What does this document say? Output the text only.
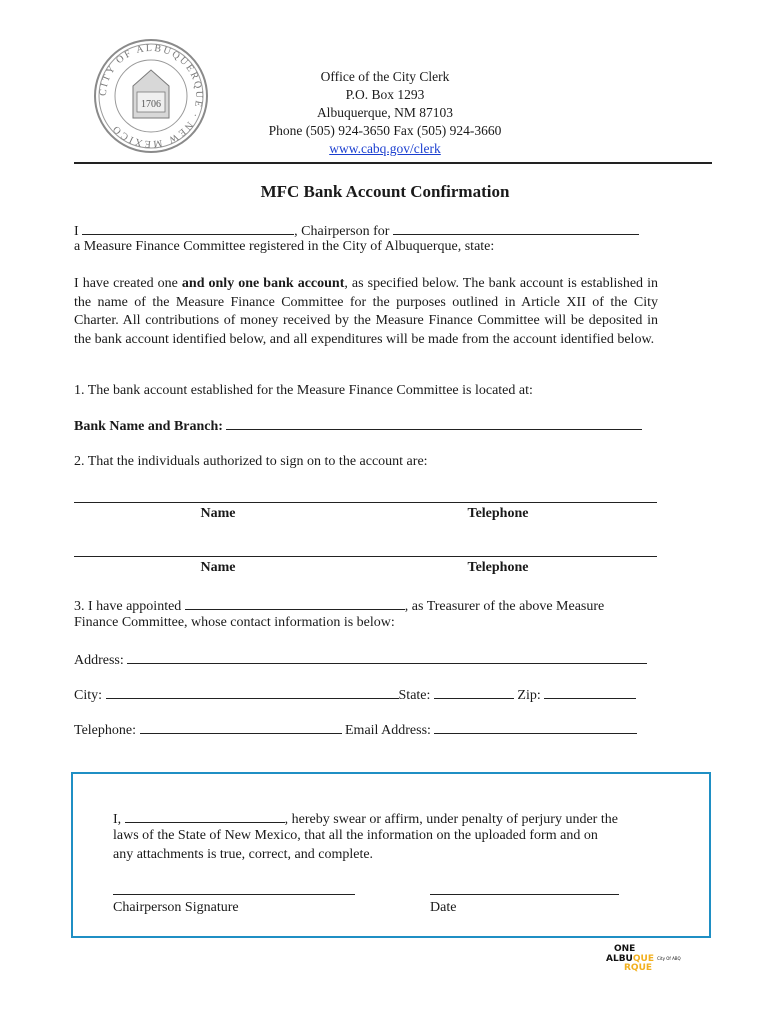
CITY OF ALBUQUERQUE · NEW MEXICO
1706
Office of the City Clerk
P.O. Box 1293
Albuquerque, NM 87103
Phone (505) 924-3650 Fax (505) 924-3660
www.cabq.gov/clerk
MFC Bank Account Confirmation
I	, Chairperson for
a Measure Finance Committee registered in the City of Albuquerque, state:
I have created one and only one bank account, as specified below. The bank account is established in the name of the Measure Finance Committee for the purposes outlined in Article XII of the City Charter. All contributions of money received by the Measure Finance Committee will be deposited in the bank account identified below, and all expenditures will be made from the account identified below.
1. The bank account established for the Measure Finance Committee is located at:
Bank Name and Branch:
2. That the individuals authorized to sign on to the account are:
Name	Telephone
Name	Telephone
3. I have appointed	, as Treasurer of the above Measure
Finance Committee, whose contact information is below:
Address:
City:	State:	Zip:
Telephone:	Email Address:
I,	, hereby swear or affirm, under penalty of perjury under the
laws of the State of New Mexico, that all the information on the uploaded form and on
any attachments is true, correct, and complete.
Chairperson Signature	Date
ONE
ALBUQUE City Of ABQ
RQUE
